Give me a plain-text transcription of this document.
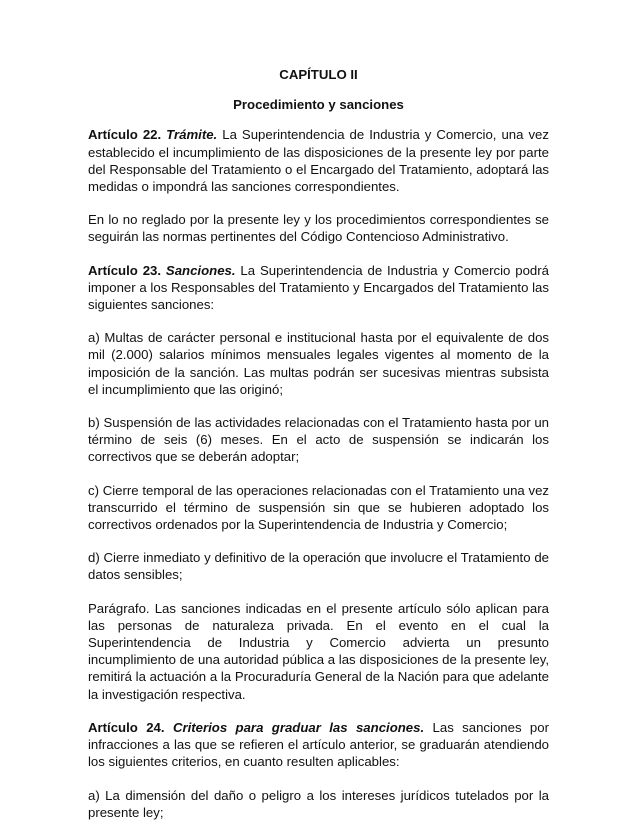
CAPÍTULO II

Procedimiento y sanciones

Artículo 22. Trámite. La Superintendencia de Industria y Comercio, una vez establecido el incumplimiento de las disposiciones de la presente ley por parte del Responsable del Tratamiento o el Encargado del Tratamiento, adoptará las medidas o impondrá las sanciones correspondientes.

En lo no reglado por la presente ley y los procedimientos correspondientes se seguirán las normas pertinentes del Código Contencioso Administrativo.

Artículo 23. Sanciones. La Superintendencia de Industria y Comercio podrá imponer a los Responsables del Tratamiento y Encargados del Tratamiento las siguientes sanciones:

a) Multas de carácter personal e institucional hasta por el equivalente de dos mil (2.000) salarios mínimos mensuales legales vigentes al momento de la imposición de la sanción. Las multas podrán ser sucesivas mientras subsista el incumplimiento que las originó;

b) Suspensión de las actividades relacionadas con el Tratamiento hasta por un término de seis (6) meses. En el acto de suspensión se indicarán los correctivos que se deberán adoptar;

c) Cierre temporal de las operaciones relacionadas con el Tratamiento una vez transcurrido el término de suspensión sin que se hubieren adoptado los correctivos ordenados por la Superintendencia de Industria y Comercio;

d) Cierre inmediato y definitivo de la operación que involucre el Tratamiento de datos sensibles;

Parágrafo. Las sanciones indicadas en el presente artículo sólo aplican para las personas de naturaleza privada. En el evento en el cual la Superintendencia de Industria y Comercio advierta un presunto incumplimiento de una autoridad pública a las disposiciones de la presente ley, remitirá la actuación a la Procuraduría General de la Nación para que adelante la investigación respectiva.

Artículo 24. Criterios para graduar las sanciones. Las sanciones por infracciones a las que se refieren el artículo anterior, se graduarán atendiendo los siguientes criterios, en cuanto resulten aplicables:

a) La dimensión del daño o peligro a los intereses jurídicos tutelados por la presente ley;
